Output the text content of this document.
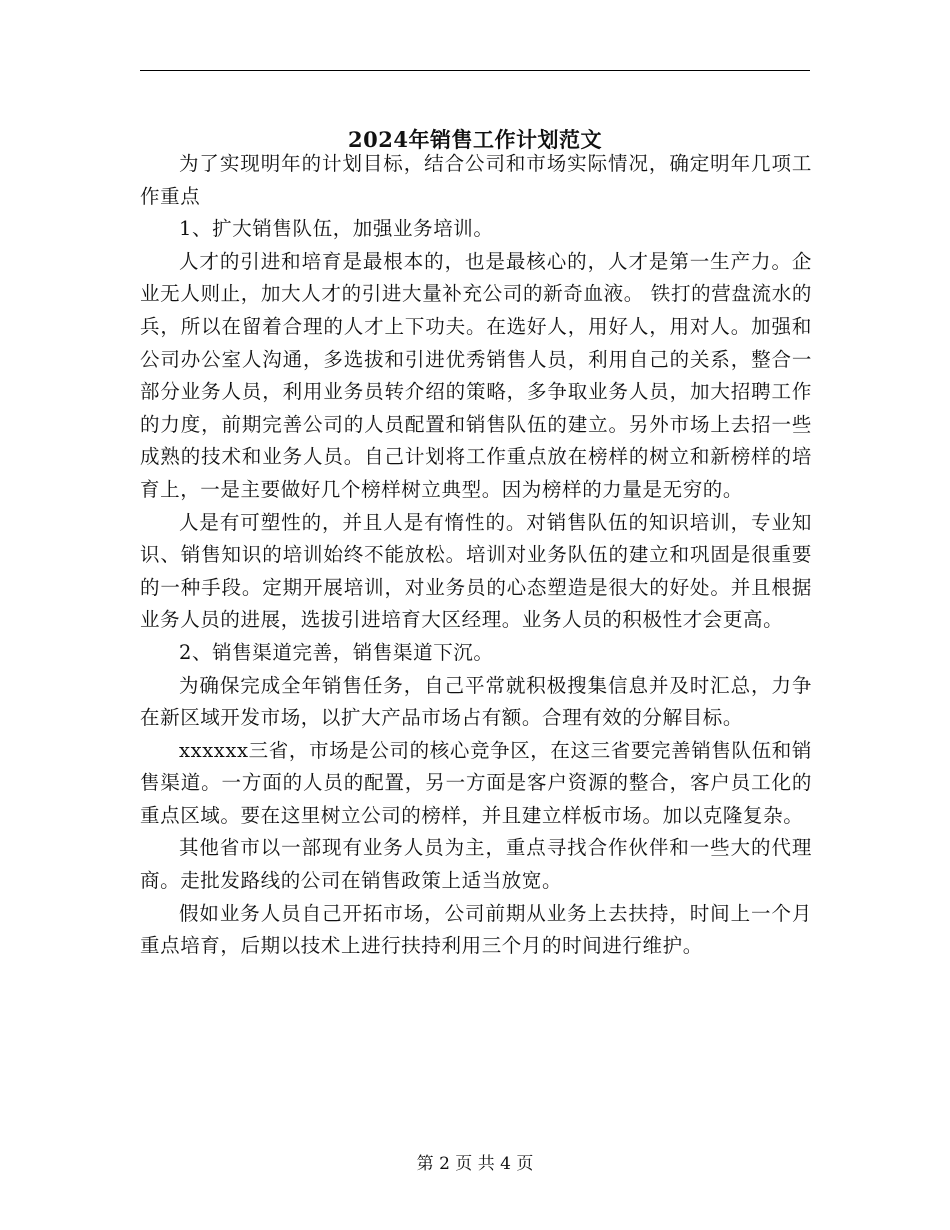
2024年销售工作计划范文

为了实现明年的计划目标，结合公司和市场实际情况，确定明年几项工作重点

1、扩大销售队伍，加强业务培训。

人才的引进和培育是最根本的，也是最核心的，人才是第一生产力。企业无人则止，加大人才的引进大量补充公司的新奇血液。 铁打的营盘流水的兵，所以在留着合理的人才上下功夫。在选好人，用好人，用对人。加强和公司办公室人沟通，多选拔和引进优秀销售人员，利用自己的关系，整合一部分业务人员，利用业务员转介绍的策略，多争取业务人员，加大招聘工作的力度，前期完善公司的人员配置和销售队伍的建立。另外市场上去招一些成熟的技术和业务人员。自己计划将工作重点放在榜样的树立和新榜样的培育上，一是主要做好几个榜样树立典型。因为榜样的力量是无穷的。

人是有可塑性的，并且人是有惰性的。对销售队伍的知识培训，专业知识、销售知识的培训始终不能放松。培训对业务队伍的建立和巩固是很重要的一种手段。定期开展培训，对业务员的心态塑造是很大的好处。并且根据业务人员的进展，选拔引进培育大区经理。业务人员的积极性才会更高。

2、销售渠道完善，销售渠道下沉。

为确保完成全年销售任务，自己平常就积极搜集信息并及时汇总，力争在新区域开发市场，以扩大产品市场占有额。合理有效的分解目标。

xxxxxx三省，市场是公司的核心竞争区，在这三省要完善销售队伍和销售渠道。一方面的人员的配置，另一方面是客户资源的整合，客户员工化的重点区域。要在这里树立公司的榜样，并且建立样板市场。加以克隆复杂。

其他省市以一部现有业务人员为主，重点寻找合作伙伴和一些大的代理商。走批发路线的公司在销售政策上适当放宽。

假如业务人员自己开拓市场，公司前期从业务上去扶持，时间上一个月重点培育，后期以技术上进行扶持利用三个月的时间进行维护。

第 2 页 共 4 页
